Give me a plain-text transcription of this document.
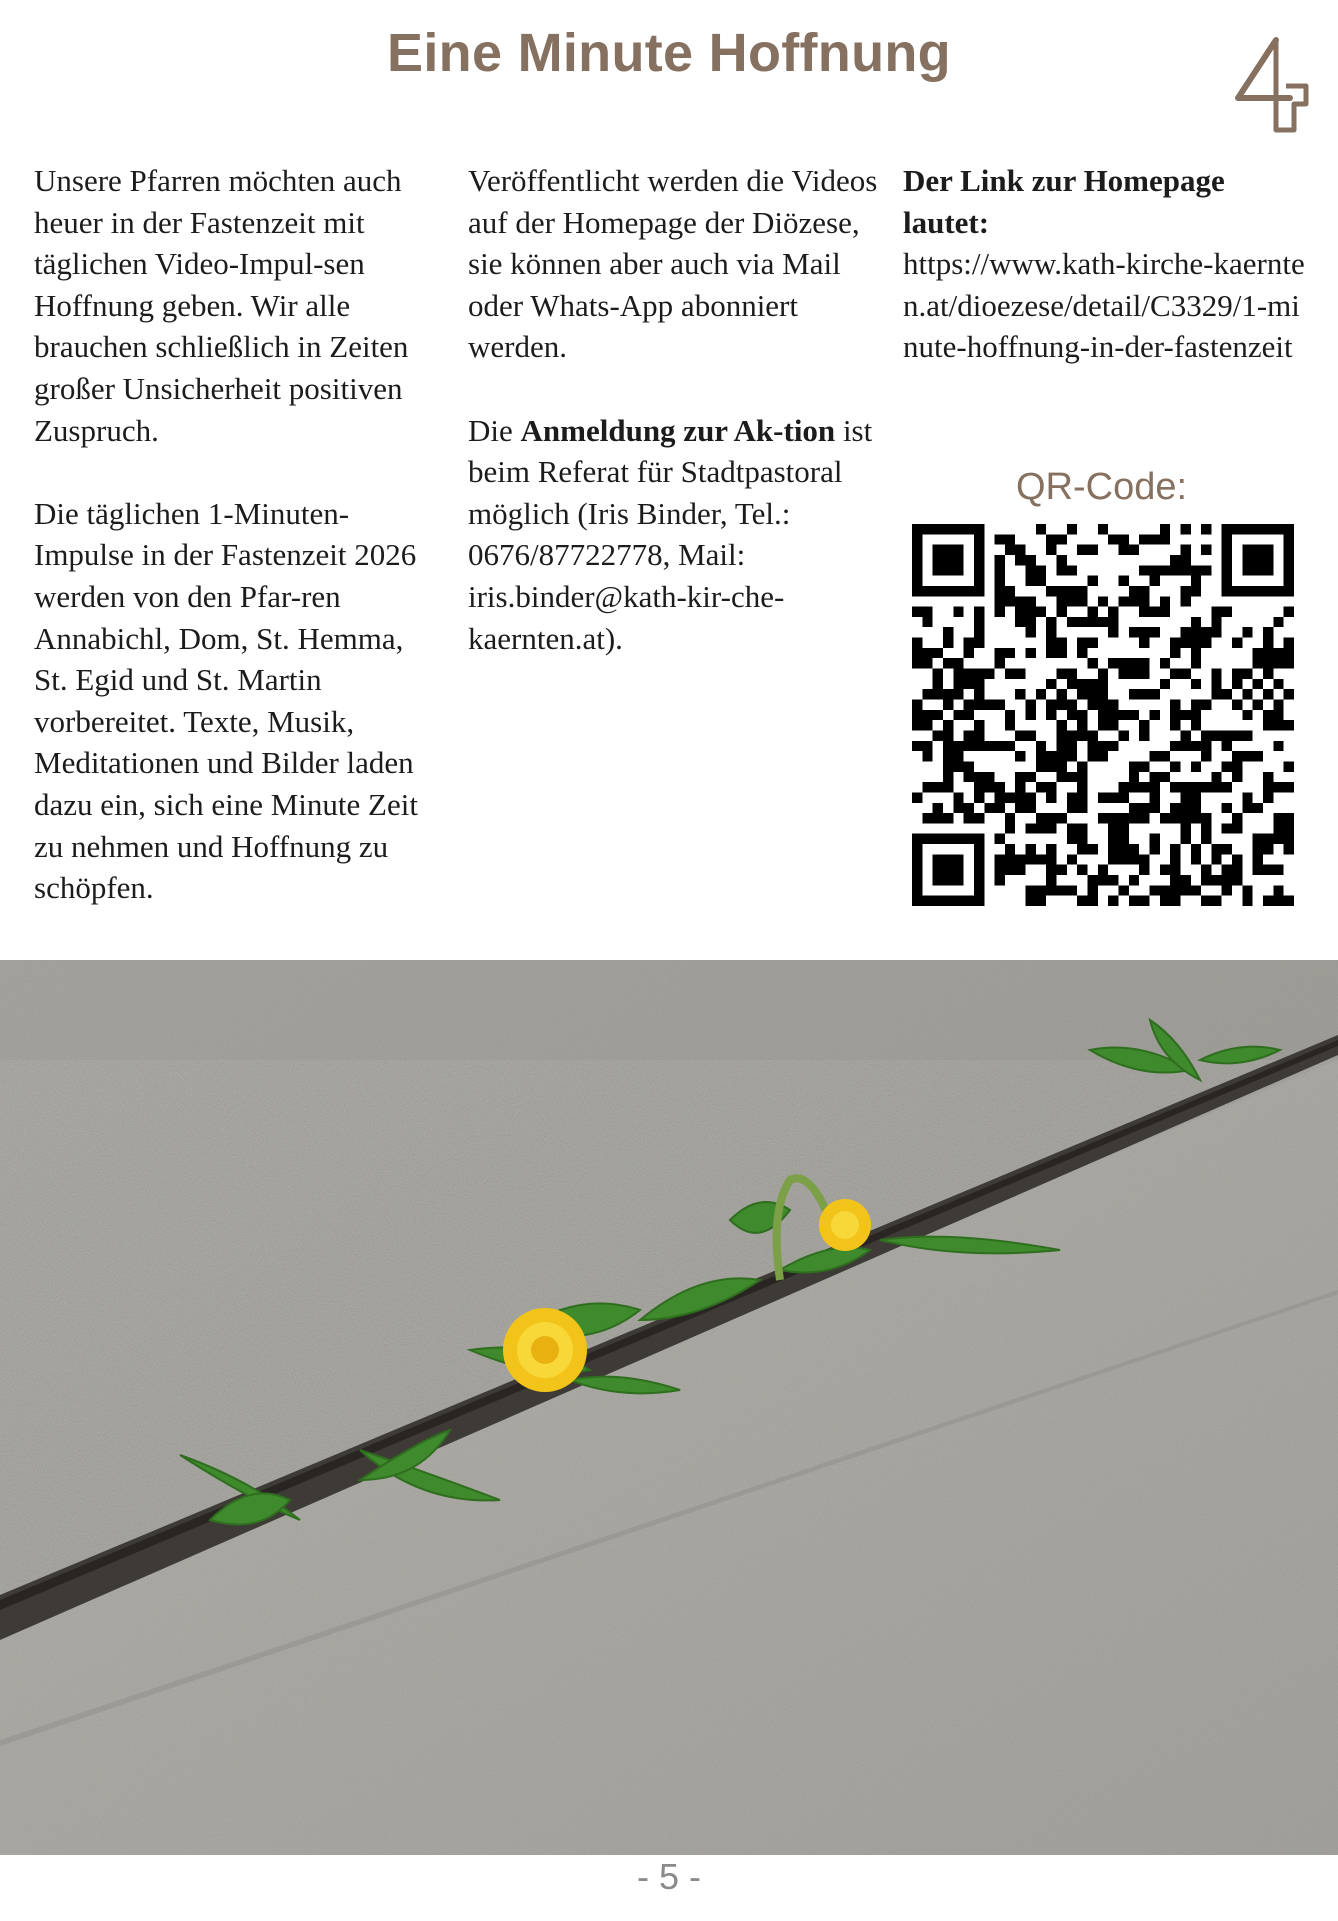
Eine Minute Hoffnung

Unsere Pfarren möchten auch heuer in der Fastenzeit mit täglichen Video-Impul-sen Hoffnung geben. Wir alle brauchen schließlich in Zeiten großer Unsicherheit positiven Zuspruch.

Die täglichen 1-Minuten-Impulse in der Fastenzeit 2026 werden von den Pfar-ren Annabichl, Dom, St. Hemma, St. Egid und St. Martin vorbereitet. Texte, Musik, Meditationen und Bilder laden dazu ein, sich eine Minute Zeit zu nehmen und Hoffnung zu schöpfen.

Veröffentlicht werden die Videos auf der Homepage der Diözese, sie können aber auch via Mail oder Whats-App abonniert werden.

Die Anmeldung zur Ak-tion ist beim Referat für Stadtpastoral möglich (Iris Binder, Tel.: 0676/87722778, Mail: iris.binder@kath-kir-che-kaernten.at).

Der Link zur Homepage lautet:
https://www.kath-kirche-kaernten.at/dioezese/detail/C3329/1-minute-hoffnung-in-der-fastenzeit
QR-Code:
- 5 -
